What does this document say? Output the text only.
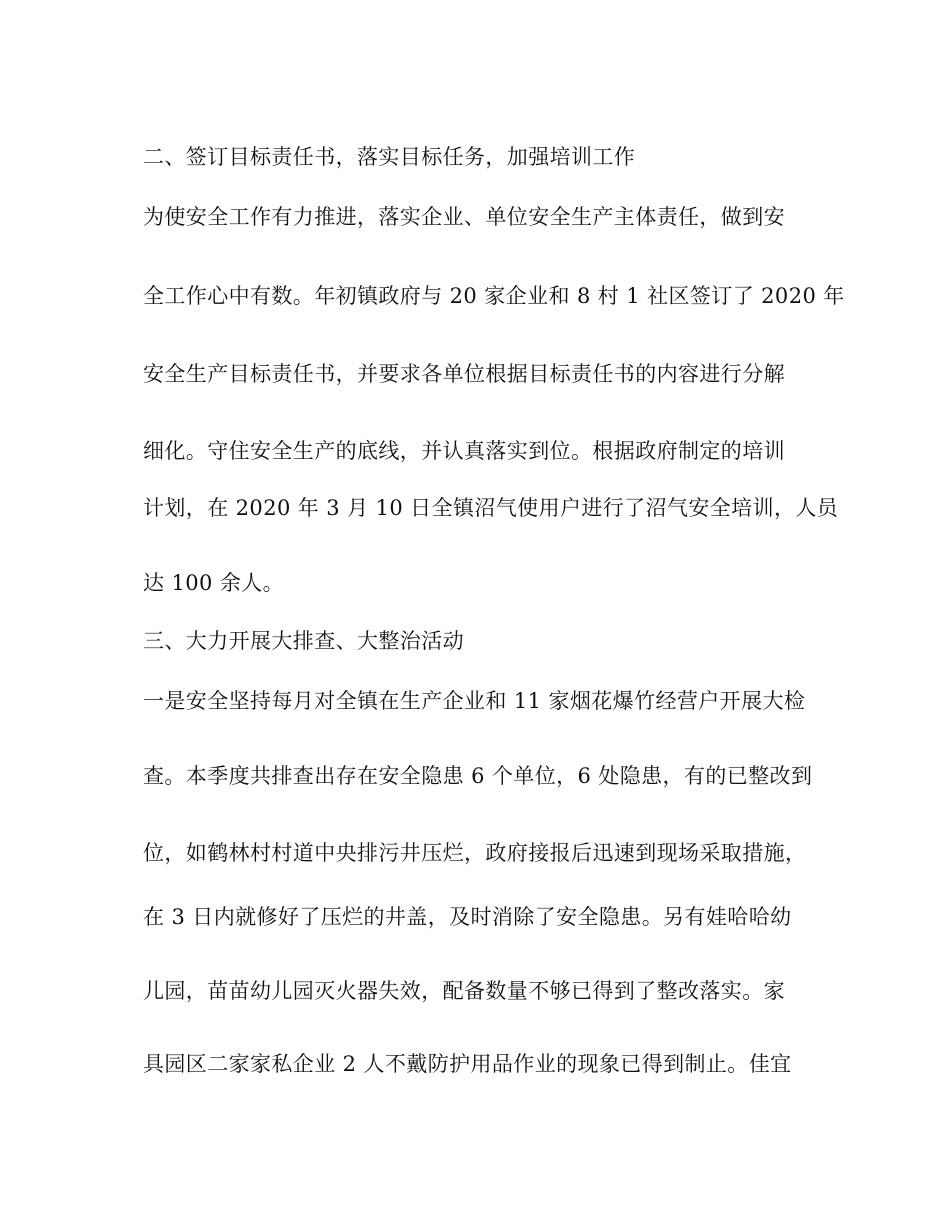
二、签订目标责任书，落实目标任务，加强培训工作

为使安全工作有力推进，落实企业、单位安全生产主体责任，做到安

全工作心中有数。年初镇政府与 20 家企业和 8 村 1 社区签订了 2020 年

安全生产目标责任书，并要求各单位根据目标责任书的内容进行分解

细化。守住安全生产的底线，并认真落实到位。根据政府制定的培训

计划，在 2020 年 3 月 10 日全镇沼气使用户进行了沼气安全培训，人员

达 100 余人。

三、大力开展大排查、大整治活动

一是安全坚持每月对全镇在生产企业和 11 家烟花爆竹经营户开展大检

查。本季度共排查出存在安全隐患 6 个单位，6 处隐患，有的已整改到

位，如鹤林村村道中央排污井压烂，政府接报后迅速到现场采取措施，

在 3 日内就修好了压烂的井盖，及时消除了安全隐患。另有娃哈哈幼

儿园，苗苗幼儿园灭火器失效，配备数量不够已得到了整改落实。家

具园区二家家私企业 2 人不戴防护用品作业的现象已得到制止。佳宜
